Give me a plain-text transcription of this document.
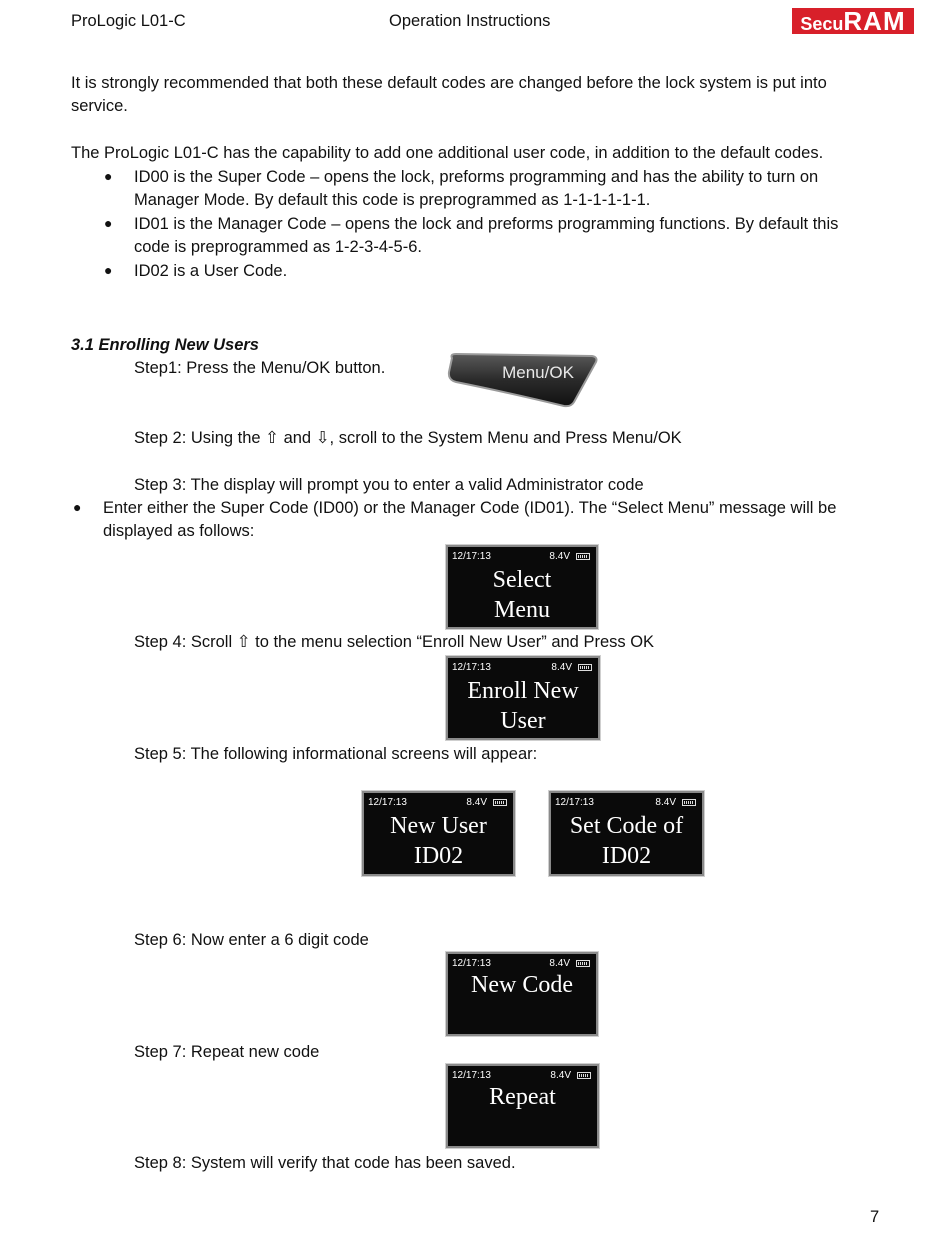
ProLogic L01-C	Operation Instructions	Secu RAM
It is strongly recommended that both these default codes are changed before the lock system is put into
service.
The ProLogic L01-C has the capability to add one additional user code, in addition to the default codes.
● ID00 is the Super Code – opens the lock, preforms programming and has the ability to turn on
Manager Mode. By default this code is preprogrammed as 1-1-1-1-1-1.
● ID01 is the Manager Code – opens the lock and preforms programming functions. By default this
code is preprogrammed as 1-2-3-4-5-6.
● ID02 is a User Code.
3.1 Enrolling New Users
Step1: Press the Menu/OK button.	Menu/OK
Step 2: Using the ⇧ and ⇩, scroll to the System Menu and Press Menu/OK
Step 3: The display will prompt you to enter a valid Administrator code
● Enter either the Super Code (ID00) or the Manager Code (ID01). The “Select Menu” message will be
displayed as follows:
12/17:13	8.4V
Select
Menu
Step 4: Scroll ⇧ to the menu selection “Enroll New User” and Press OK
12/17:13	8.4V
Enroll New
User
Step 5: The following informational screens will appear:
12/17:13	8.4V
New User
ID02
12/17:13	8.4V
Set Code of
ID02
Step 6: Now enter a 6 digit code
12/17:13	8.4V
New Code
Step 7: Repeat new code
12/17:13	8.4V
Repeat
Step 8: System will verify that code has been saved.
7
